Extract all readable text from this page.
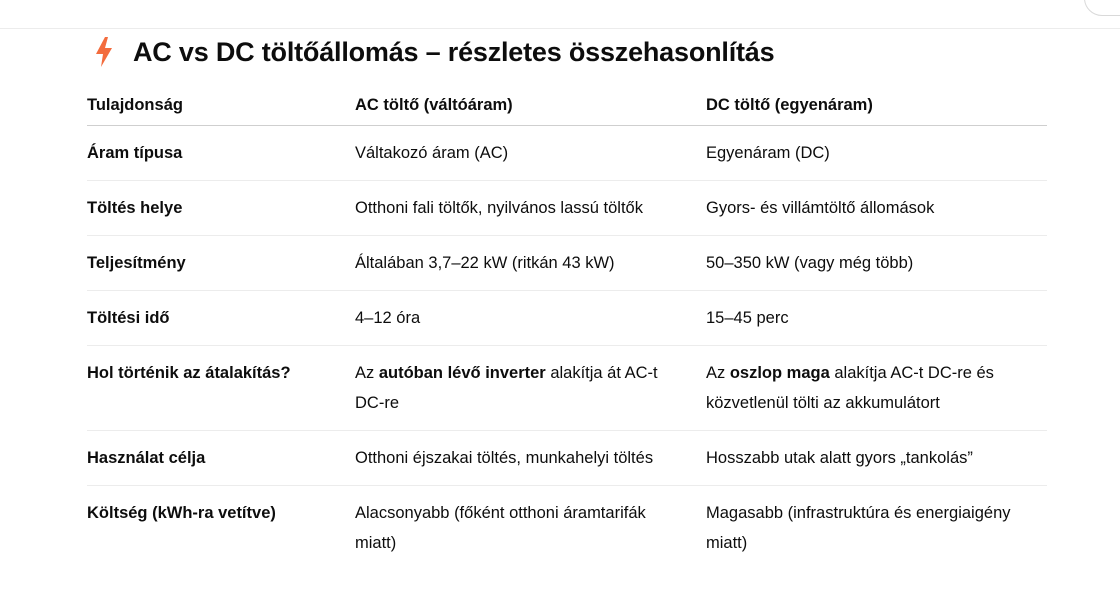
AC vs DC töltőállomás – részletes összehasonlítás
Tulajdonság	AC töltő (váltóáram)	DC töltő (egyenáram)
Áram típusa	Váltakozó áram (AC)	Egyenáram (DC)

Töltés helye	Otthoni fali töltők, nyilvános lassú töltők	Gyors- és villámtöltő állomások

Teljesítmény	Általában 3,7–22 kW (ritkán 43 kW)	50–350 kW (vagy még több)

Töltési idő	4–12 óra	15–45 perc

Hol történik az átalakítás?	Az autóban lévő inverter alakítja át AC-t DC-re	Az oszlop maga alakítja AC-t DC-re és közvetlenül tölti az akkumulátort

Használat célja	Otthoni éjszakai töltés, munkahelyi töltés	Hosszabb utak alatt gyors „tankolás”

Költség (kWh-ra vetítve)	Alacsonyabb (főként otthoni áramtarifák miatt)	Magasabb (infrastruktúra és energiaigény miatt)
